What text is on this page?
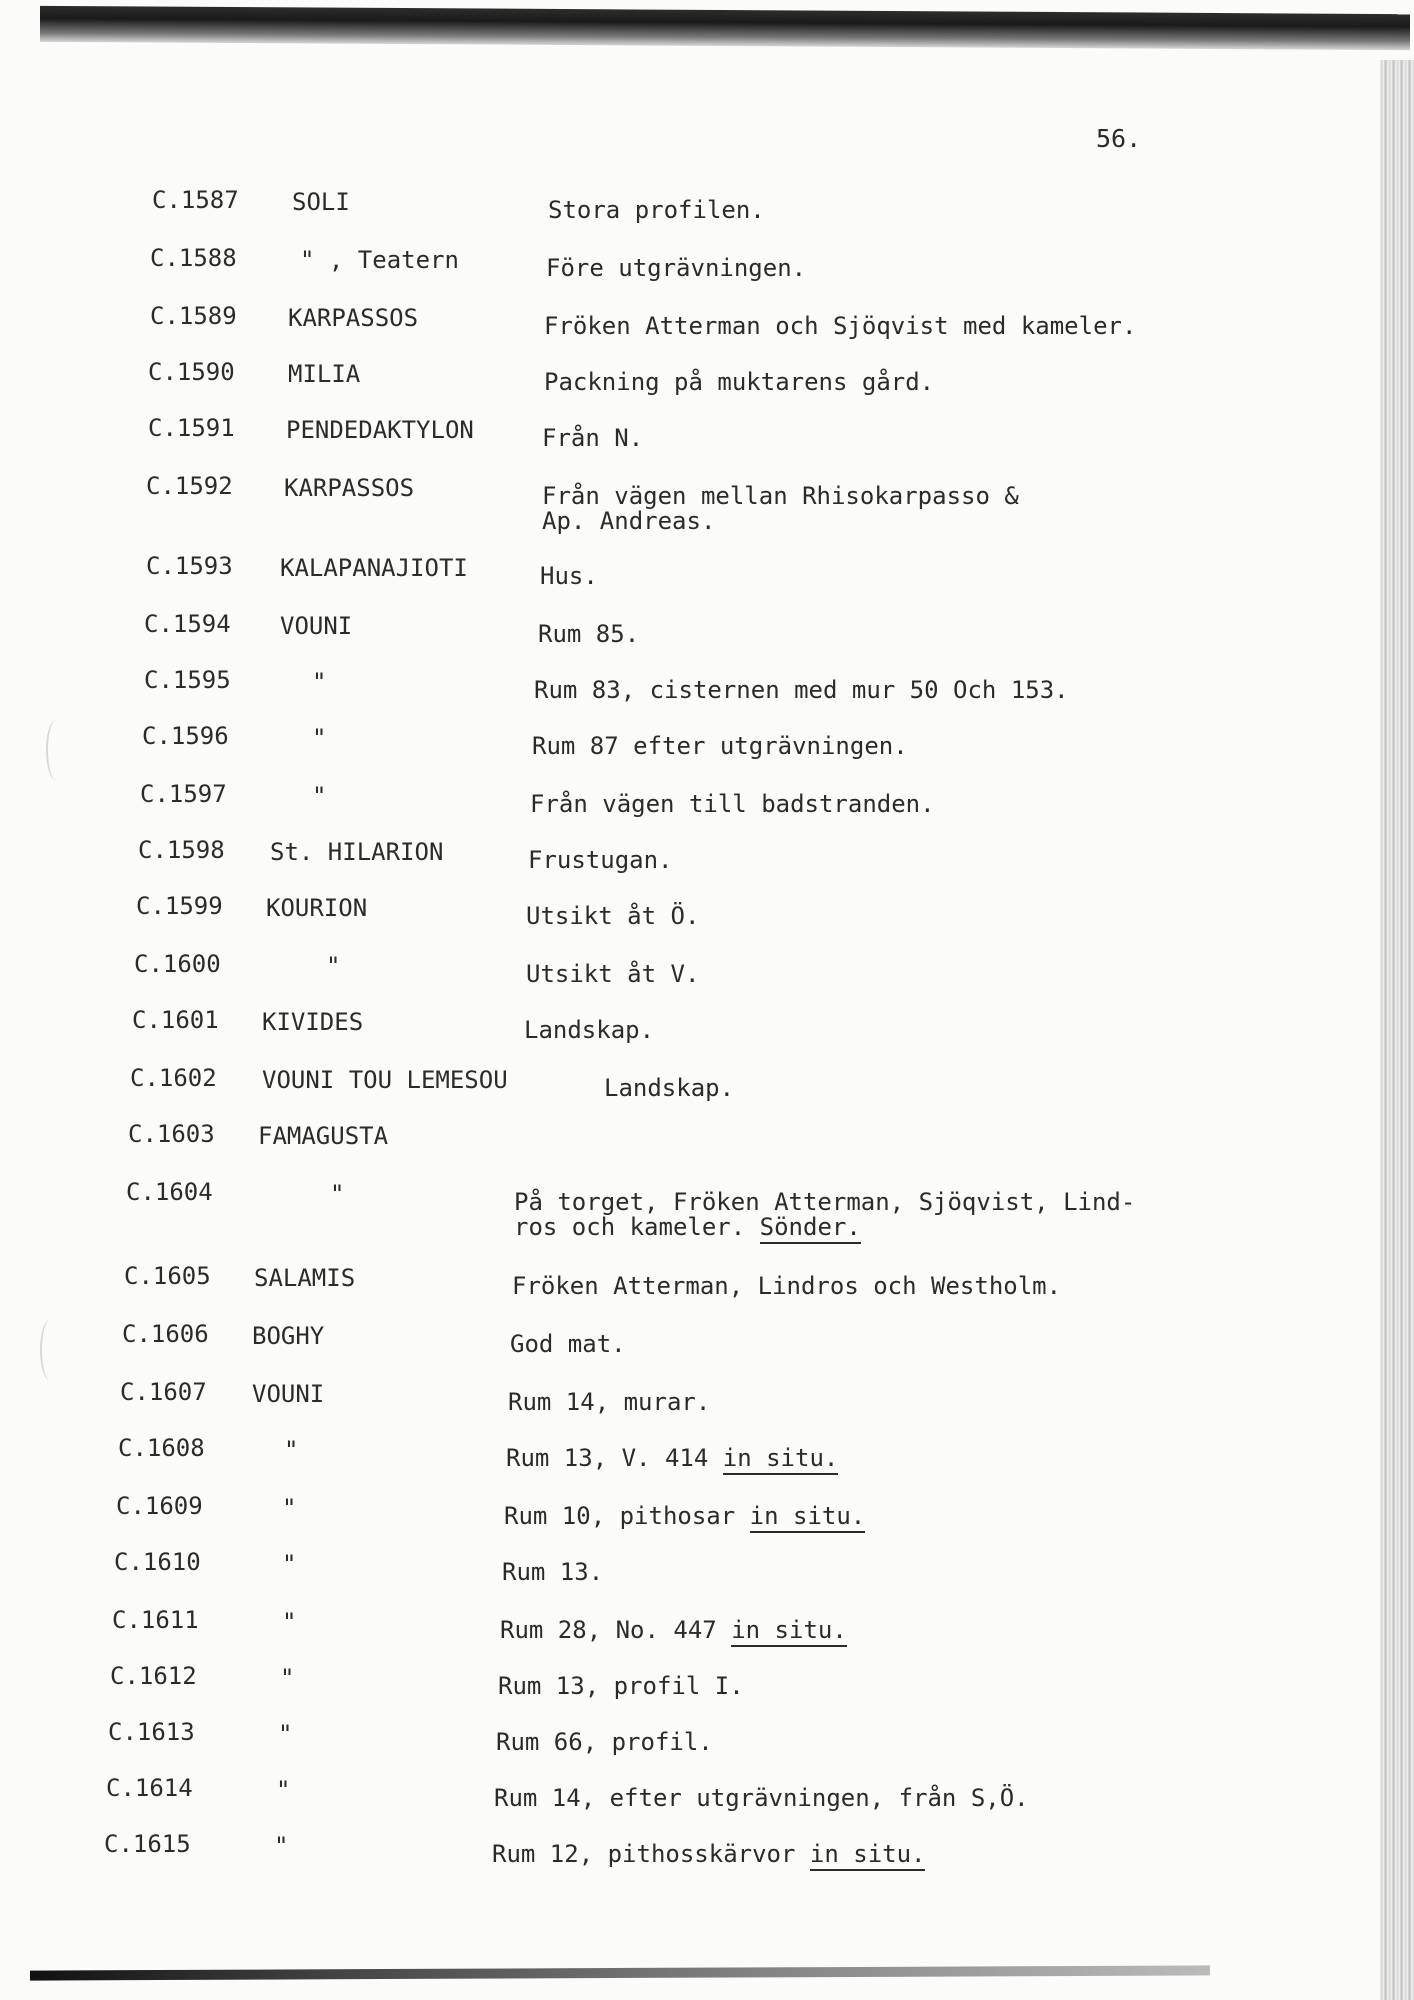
56.
C.1587 SOLI	Stora profilen.
C.1588	" , Teatern	Före utgrävningen.
C.1589 KARPASSOS	Fröken Atterman och Sjöqvist med kameler.
C.1590 MILIA	Packning på muktarens gård.
C.1591 PENDEDAKTYLON	Från N.
C.1592 KARPASSOS	Från vägen mellan Rhisokarpasso &
Ap. Andreas.
C.1593 KALAPANAJIOTI	Hus.
C.1594 VOUNI	Rum 85.
C.1595	"	Rum 83, cisternen med mur 50 Och 153.
C.1596	"	Rum 87 efter utgrävningen.
C.1597	"	Från vägen till badstranden.
C.1598 St. HILARION	Frustugan.
C.1599 KOURION	Utsikt åt Ö.
C.1600	"	Utsikt åt V.
C.1601 KIVIDES	Landskap.
C.1602 VOUNI TOU LEMESOU	Landskap.
C.1603 FAMAGUSTA
C.1604	"	På torget, Fröken Atterman, Sjöqvist, Lind-
ros och kameler. Sönder.
C.1605 SALAMIS	Fröken Atterman, Lindros och Westholm.
C.1606 BOGHY	God mat.
C.1607 VOUNI	Rum 14, murar.
C.1608	"	Rum 13, V. 414 in situ.
C.1609	"	Rum 10, pithosar in situ.
C.1610	"	Rum 13.
C.1611	"	Rum 28, No. 447 in situ.
C.1612	"	Rum 13, profil I.
C.1613	"	Rum 66, profil.
C.1614	"	Rum 14, efter utgrävningen, från S,Ö.
C.1615	"	Rum 12, pithosskärvor in situ.
